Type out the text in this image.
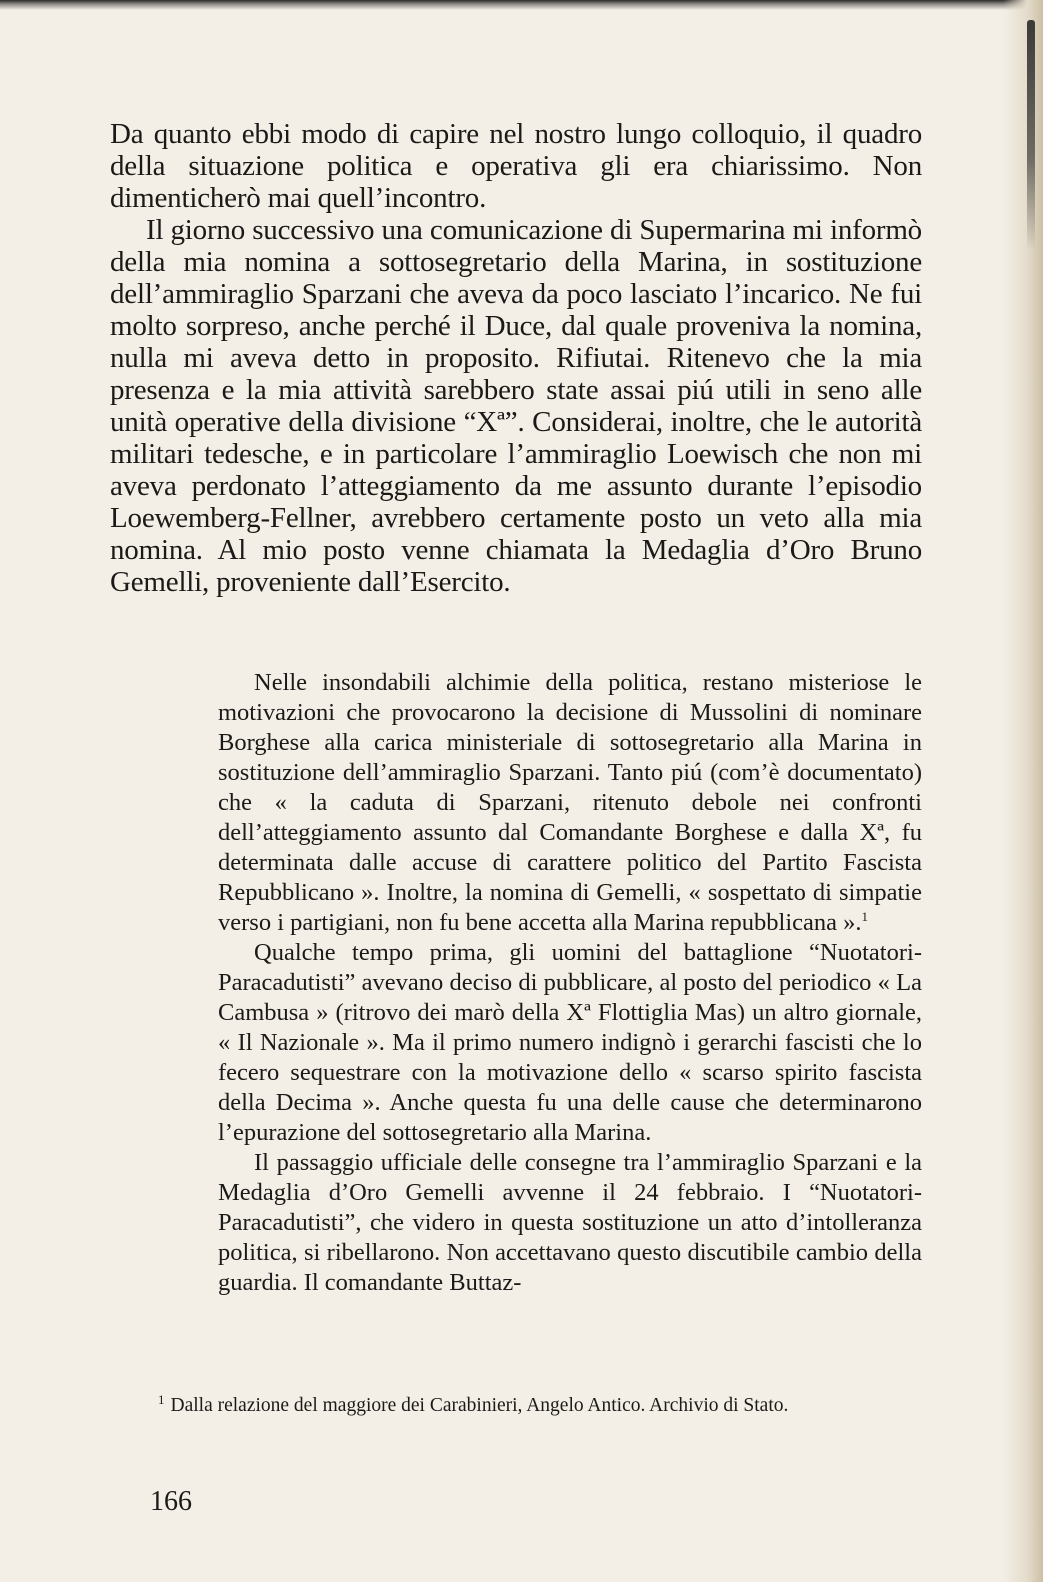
Da quanto ebbi modo di capire nel nostro lungo colloquio, il quadro della situazione politica e operativa gli era chiarissimo. Non dimenticherò mai quell’incontro.

Il giorno successivo una comunicazione di Supermarina mi informò della mia nomina a sottosegretario della Marina, in sostituzione dell’ammiraglio Sparzani che aveva da poco lasciato l’incarico. Ne fui molto sorpreso, anche perché il Duce, dal quale proveniva la nomina, nulla mi aveva detto in proposito. Rifiutai. Ritenevo che la mia presenza e la mia attività sarebbero state assai piú utili in seno alle unità operative della divisione “Xª”. Considerai, inoltre, che le autorità militari tedesche, e in particolare l’ammiraglio Loewisch che non mi aveva perdonato l’atteggiamento da me assunto durante l’episodio Loewemberg-Fellner, avrebbero certamente posto un veto alla mia nomina. Al mio posto venne chiamata la Medaglia d’Oro Bruno Gemelli, proveniente dall’Esercito.

Nelle insondabili alchimie della politica, restano misteriose le motivazioni che provocarono la decisione di Mussolini di nominare Borghese alla carica ministeriale di sottosegretario alla Marina in sostituzione dell’ammiraglio Sparzani. Tanto piú (com’è documentato) che « la caduta di Sparzani, ritenuto debole nei confronti dell’atteggiamento assunto dal Comandante Borghese e dalla Xª, fu determinata dalle accuse di carattere politico del Partito Fascista Repubblicano ». Inoltre, la nomina di Gemelli, « sospettato di simpatie verso i partigiani, non fu bene accetta alla Marina repubblicana ».$^1$

Qualche tempo prima, gli uomini del battaglione “Nuotatori-Paracadutisti” avevano deciso di pubblicare, al posto del periodico « La Cambusa » (ritrovo dei marò della Xª Flottiglia Mas) un altro giornale, « Il Nazionale ». Ma il primo numero indignò i gerarchi fascisti che lo fecero sequestrare con la motivazione dello « scarso spirito fascista della Decima ». Anche questa fu una delle cause che determinarono l’epurazione del sottosegretario alla Marina.

Il passaggio ufficiale delle consegne tra l’ammiraglio Sparzani e la Medaglia d’Oro Gemelli avvenne il 24 febbraio. I “Nuotatori-Paracadutisti”, che videro in questa sostituzione un atto d’intolleranza politica, si ribellarono. Non accettavano questo discutibile cambio della guardia. Il comandante Buttaz-

$^1$ Dalla relazione del maggiore dei Carabinieri, Angelo Antico. Archivio di Stato.
166
